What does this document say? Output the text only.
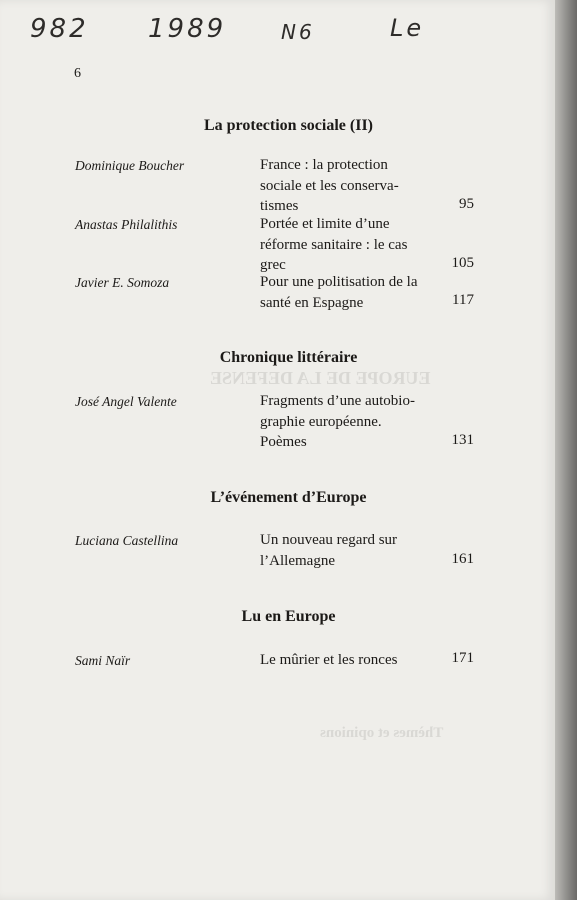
EUROPE DE LA DEFENSE
Thèmes et opinions
982 1989	N6	Le
6
La protection sociale (II)
Dominique Boucher	France : la protection
sociale et les conserva-
tismes	95
Anastas Philalithis	Portée et limite d’une
réforme sanitaire : le cas
grec	105
Javier E. Somoza	Pour une politisation de la
santé en Espagne	117
Chronique littéraire
José Angel Valente	Fragments d’une autobio-
graphie européenne.
Poèmes	131
L’événement d’Europe
Luciana Castellina	Un nouveau regard sur
l’Allemagne	161
Lu en Europe
Sami Naïr	Le mûrier et les ronces	171
